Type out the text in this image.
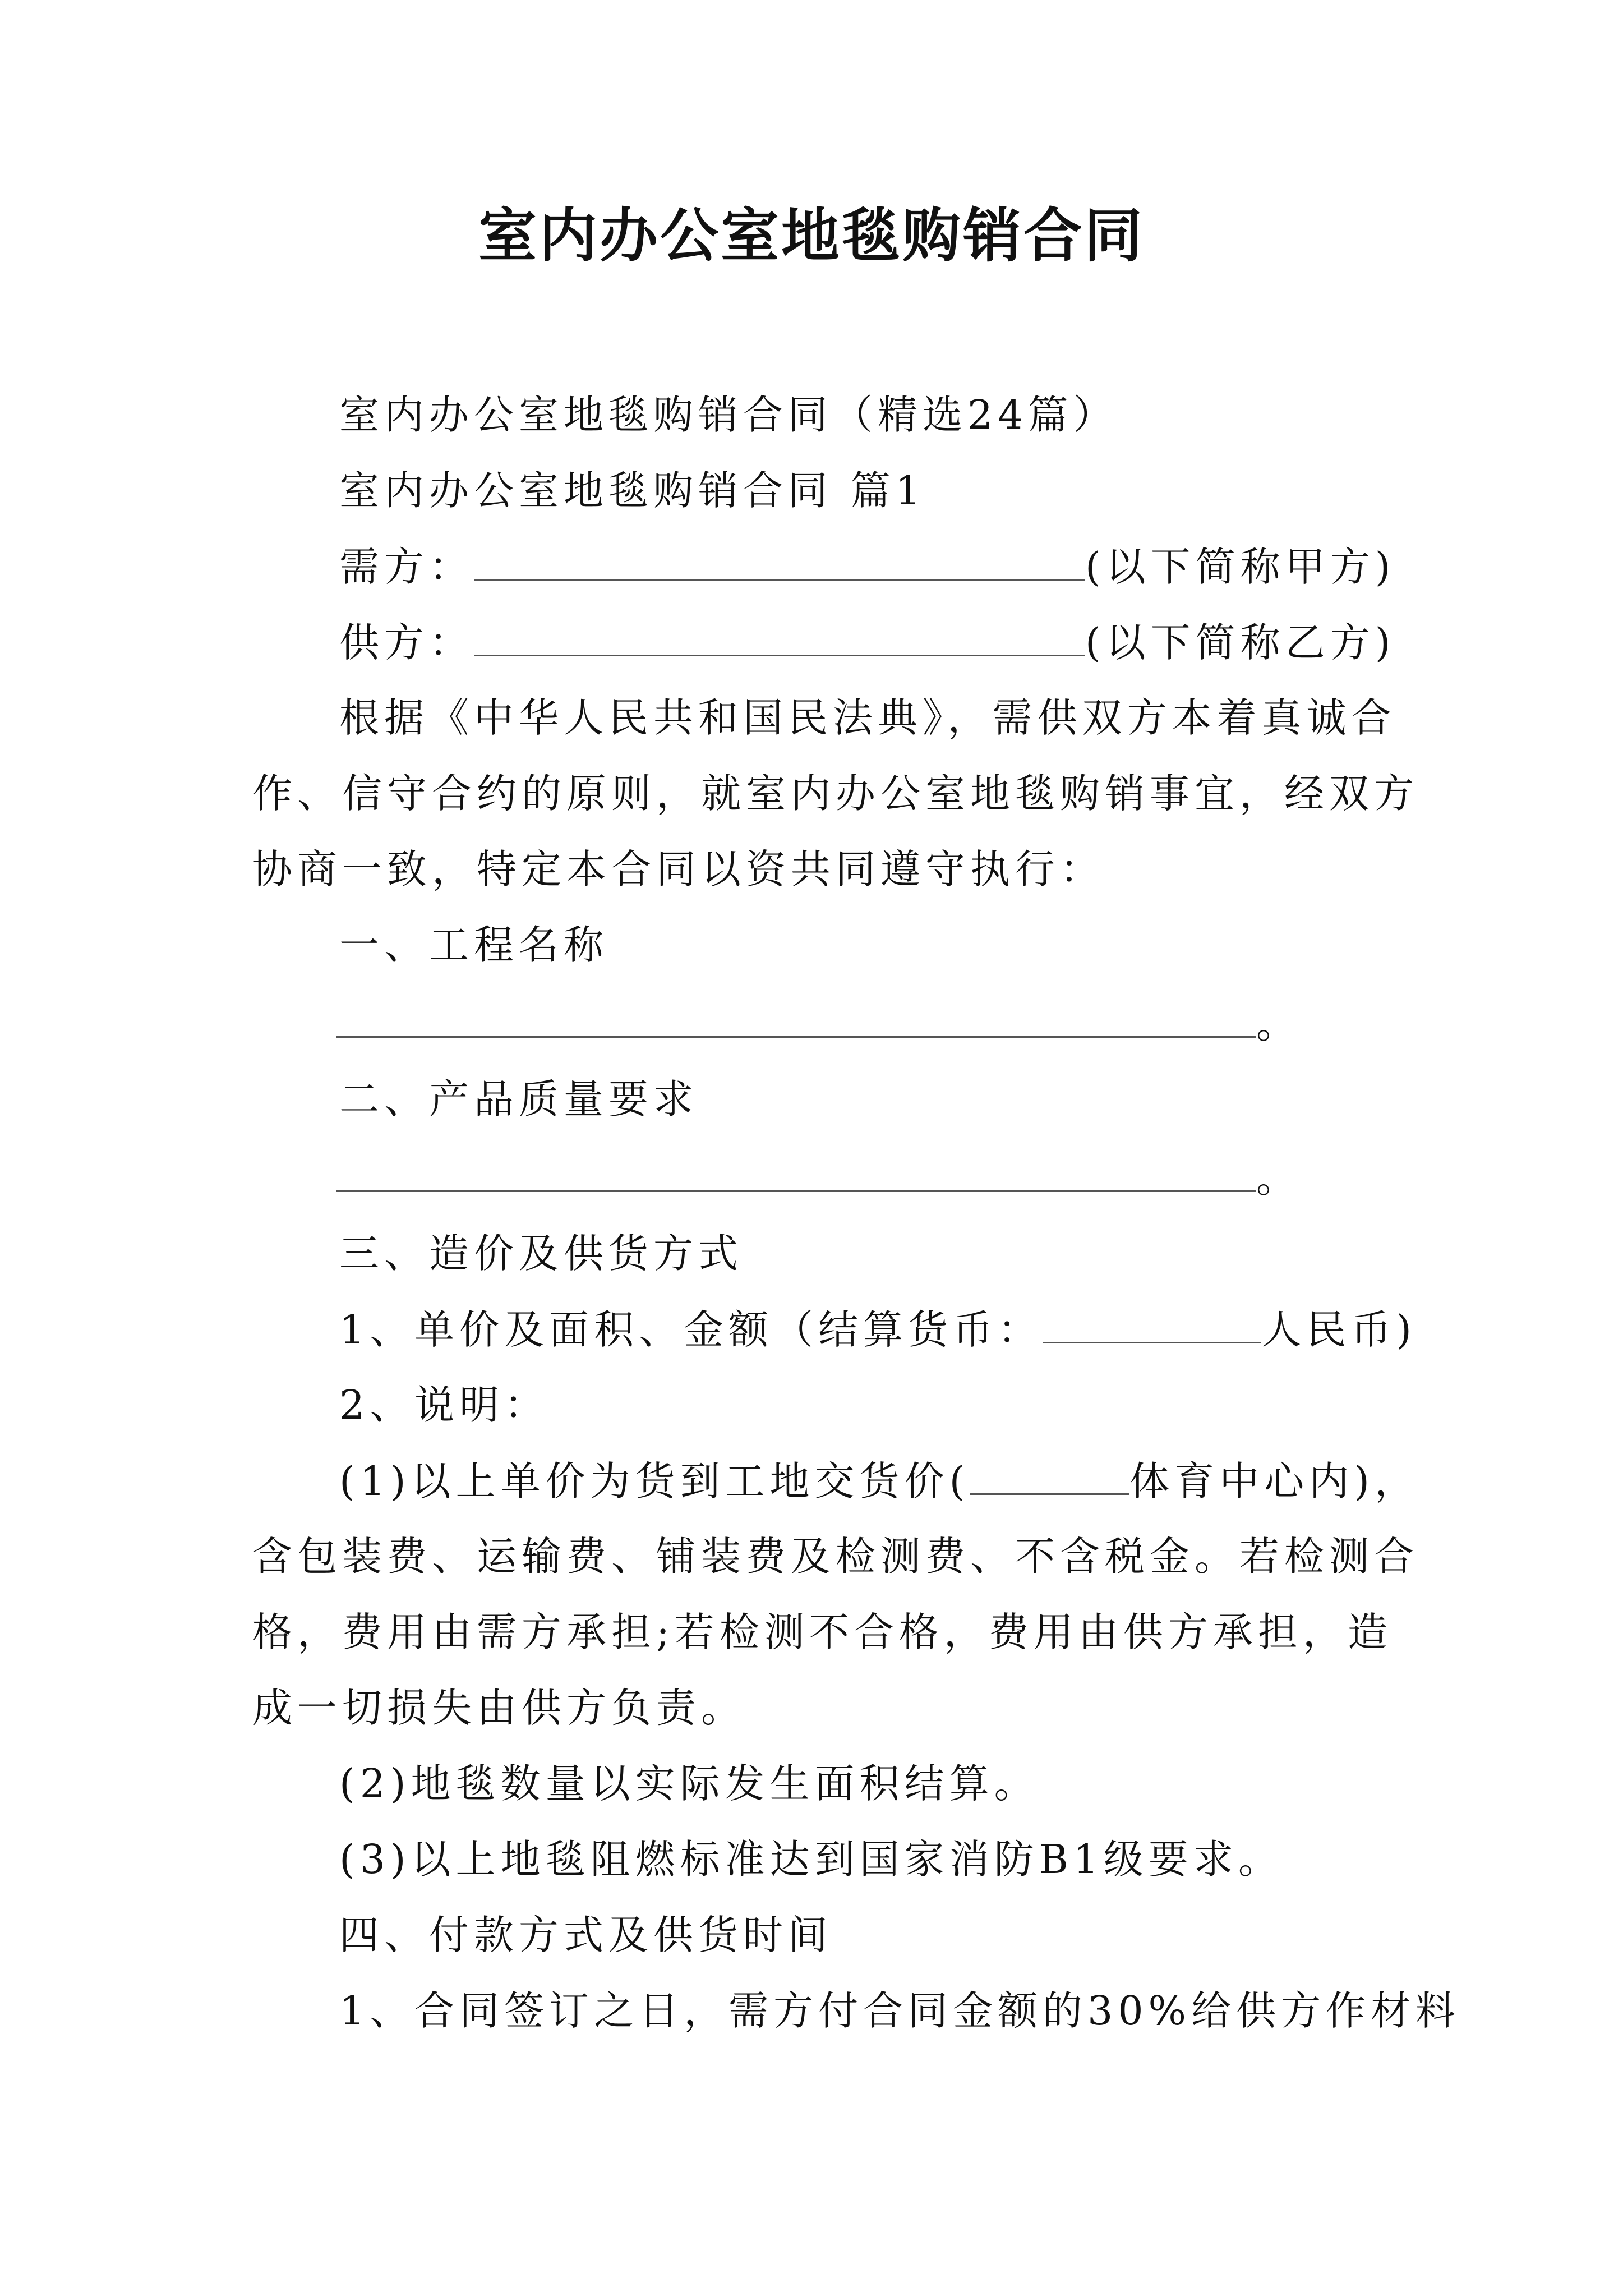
室内办公室地毯购销合同
室内办公室地毯购销合同（精选24篇）
室内办公室地毯购销合同 篇1
需方：	(以下简称甲方)
供方：	(以下简称乙方)
根据《中华人民共和国民法典》，需供双方本着真诚合
作、信守合约的原则，就室内办公室地毯购销事宜，经双方
协商一致，特定本合同以资共同遵守执行：
一、工程名称
。
二、产品质量要求
。
三、造价及供货方式
1、单价及面积、金额（结算货币：	人民币)
2、说明：
(1)以上单价为货到工地交货价(	体育中心内)，
含包装费、运输费、铺装费及检测费、不含税金。若检测合
格，费用由需方承担;若检测不合格，费用由供方承担，造
成一切损失由供方负责。
(2)地毯数量以实际发生面积结算。
(3)以上地毯阻燃标准达到国家消防B1级要求。
四、付款方式及供货时间
1、合同签订之日，需方付合同金额的30%给供方作材料
